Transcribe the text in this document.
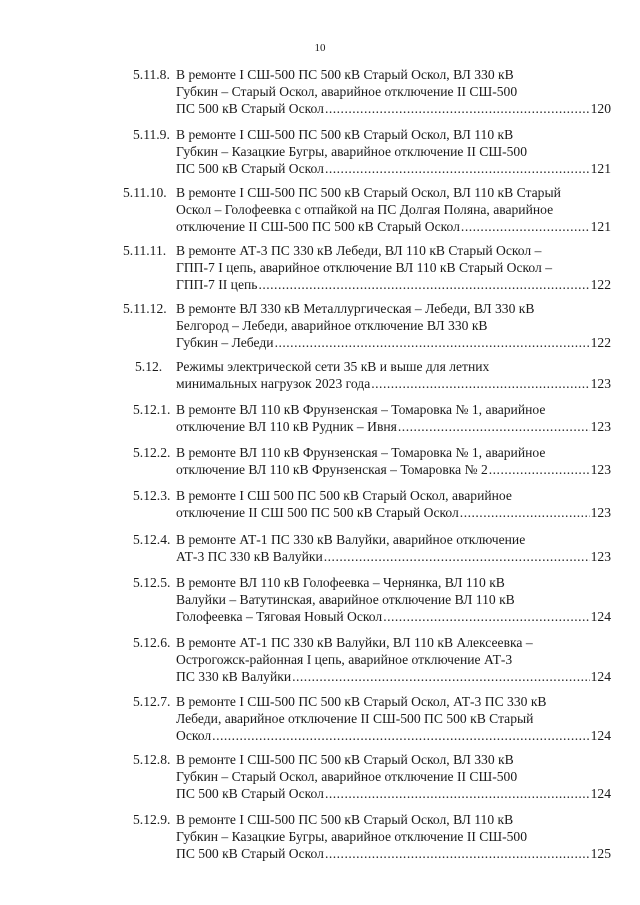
10
5.11.8. В ремонте I СШ-500 ПС 500 кВ Старый Оскол, ВЛ 330 кВ
Губкин – Старый Оскол, аварийное отключение II СШ-500
ПС 500 кВ Старый Оскол .....	120
5.11.9. В ремонте I СШ-500 ПС 500 кВ Старый Оскол, ВЛ 110 кВ
Губкин – Казацкие Бугры, аварийное отключение II СШ-500
ПС 500 кВ Старый Оскол .....	121
5.11.10. В ремонте I СШ-500 ПС 500 кВ Старый Оскол, ВЛ 110 кВ Старый
Оскол – Голофеевка с отпайкой на ПС Долгая Поляна, аварийное
отключение II СШ-500 ПС 500 кВ Старый Оскол .....	121
5.11.11. В ремонте АТ-3 ПС 330 кВ Лебеди, ВЛ 110 кВ Старый Оскол –
ГПП-7 I цепь, аварийное отключение ВЛ 110 кВ Старый Оскол –
ГПП-7 II цепь .....	122
5.11.12. В ремонте ВЛ 330 кВ Металлургическая – Лебеди, ВЛ 330 кВ
Белгород – Лебеди, аварийное отключение ВЛ 330 кВ
Губкин – Лебеди .....	122
5.12. Режимы электрической сети 35 кВ и выше для летних
минимальных нагрузок 2023 года .....	123
5.12.1. В ремонте ВЛ 110 кВ Фрунзенская – Томаровка № 1, аварийное
отключение ВЛ 110 кВ Рудник – Ивня .....	123
5.12.2. В ремонте ВЛ 110 кВ Фрунзенская – Томаровка № 1, аварийное
отключение ВЛ 110 кВ Фрунзенская – Томаровка № 2 .....	123
5.12.3. В ремонте I СШ 500 ПС 500 кВ Старый Оскол, аварийное
отключение II СШ 500 ПС 500 кВ Старый Оскол .....	123
5.12.4. В ремонте АТ-1 ПС 330 кВ Валуйки, аварийное отключение
АТ-3 ПС 330 кВ Валуйки .....	123
5.12.5. В ремонте ВЛ 110 кВ Голофеевка – Чернянка, ВЛ 110 кВ
Валуйки – Ватутинская, аварийное отключение ВЛ 110 кВ
Голофеевка – Тяговая Новый Оскол .....	124
5.12.6. В ремонте АТ-1 ПС 330 кВ Валуйки, ВЛ 110 кВ Алексеевка –
Острогожск-районная I цепь, аварийное отключение АТ-3
ПС 330 кВ Валуйки .....	124
5.12.7. В ремонте I СШ-500 ПС 500 кВ Старый Оскол, АТ-3 ПС 330 кВ
Лебеди, аварийное отключение II СШ-500 ПС 500 кВ Старый
Оскол .....	124
5.12.8. В ремонте I СШ-500 ПС 500 кВ Старый Оскол, ВЛ 330 кВ
Губкин – Старый Оскол, аварийное отключение II СШ-500
ПС 500 кВ Старый Оскол .....	124
5.12.9. В ремонте I СШ-500 ПС 500 кВ Старый Оскол, ВЛ 110 кВ
Губкин – Казацкие Бугры, аварийное отключение II СШ-500
ПС 500 кВ Старый Оскол .....	125
